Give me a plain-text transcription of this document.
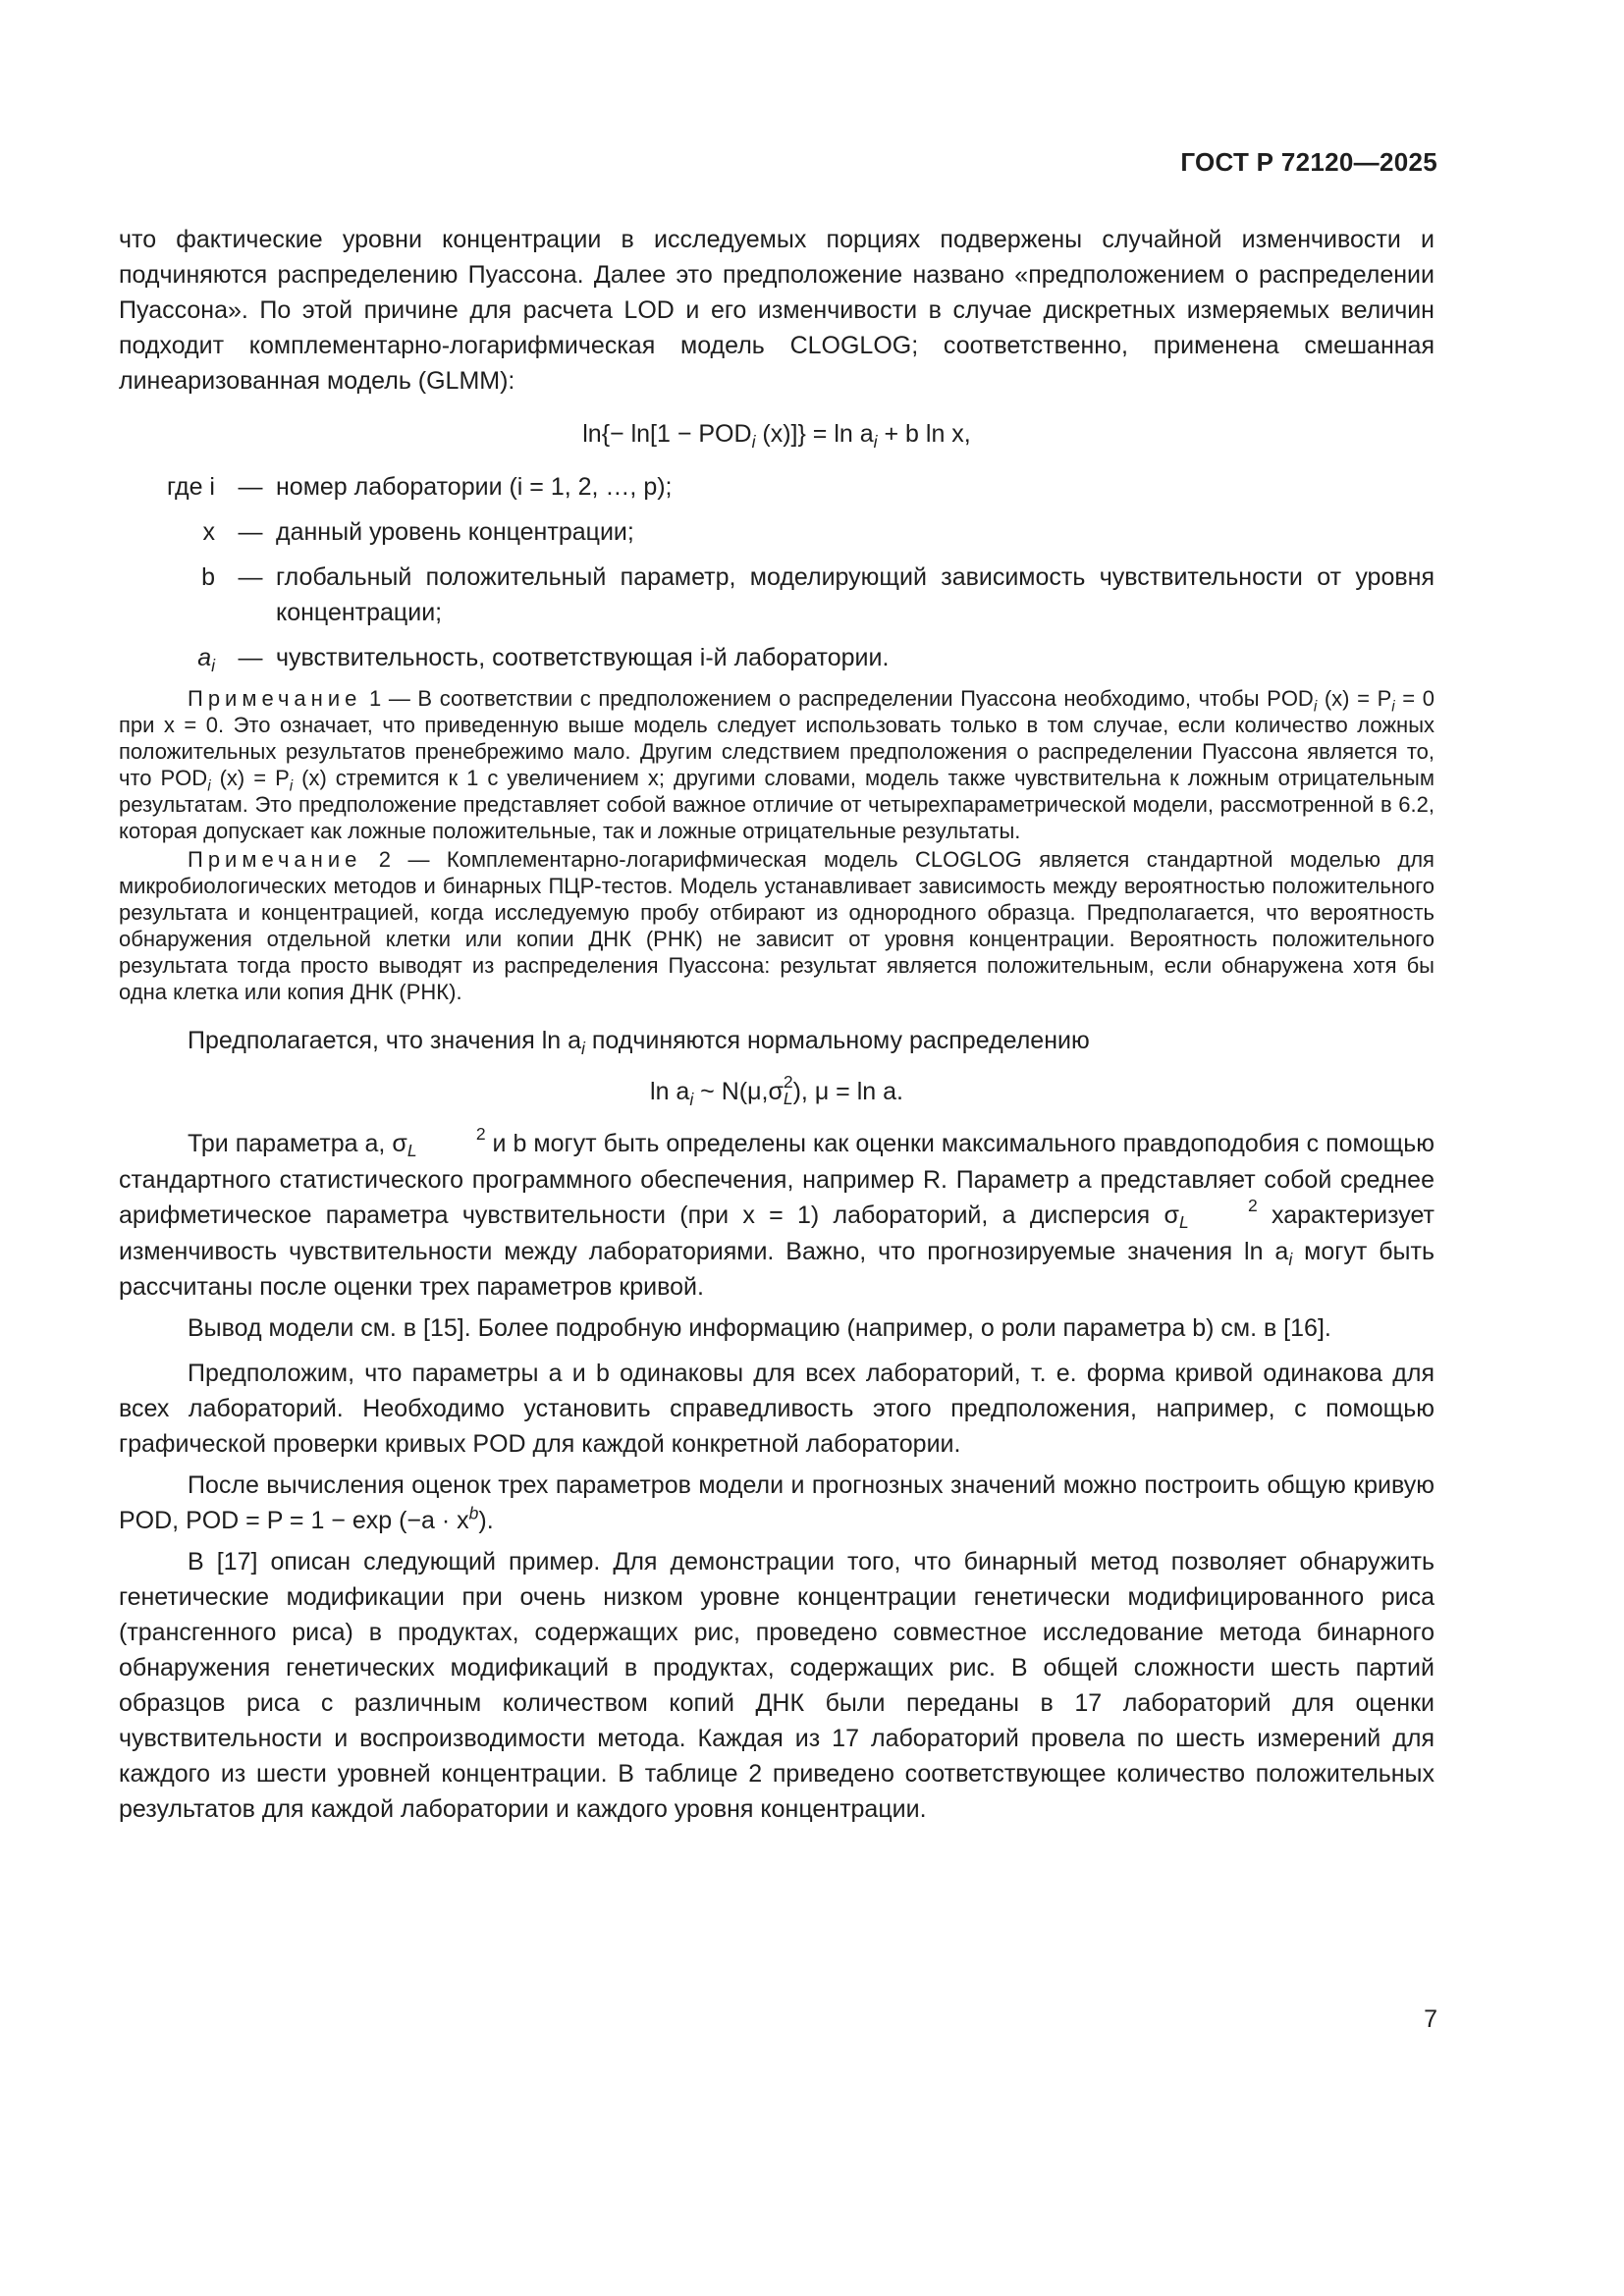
ГОСТ Р 72120—2025

что фактические уровни концентрации в исследуемых порциях подвержены случайной изменчивости и подчиняются распределению Пуассона. Далее это предположение названо «предположением о распределении Пуассона». По этой причине для расчета LOD и его изменчивости в случае дискретных измеряемых величин подходит комплементарно-логарифмическая модель CLOGLOG; соответственно, применена смешанная линеаризованная модель (GLMM):

$\ln\{- \ln[1 - POD_i$ $(x)]\} = \ln a_i + b$ ln x,
где i — номер лаборатории (i = 1, 2, …, p);
x — данный уровень концентрации;
b — глобальный положительный параметр, моделирующий зависимость чувствительности от уровня концентрации;
$a_i$ — чувствительность, соответствующая i-й лаборатории.

Примечание 1 — В соответствии с предположением о распределении Пуассона необходимо, чтобы $POD_i$ $(x) = P_i = 0$ при x = 0. Это означает, что приведенную выше модель следует использовать только в том случае, если количество ложных положительных результатов пренебрежимо мало. Другим следствием предположения о распределении Пуассона является то, что $POD_i$ $(x) = P_i$ (x) стремится к 1 с увеличением x; другими словами, модель также чувствительна к ложным отрицательным результатам. Это предположение представляет собой важное отличие от четырехпараметрической модели, рассмотренной в 6.2, которая допускает как ложные положительные, так и ложные отрицательные результаты.

Примечание 2 — Комплементарно-логарифмическая модель CLOGLOG является стандартной моделью для микробиологических методов и бинарных ПЦР-тестов. Модель устанавливает зависимость между вероятностью положительного результата и концентрацией, когда исследуемую пробу отбирают из однородного образца. Предполагается, что вероятность обнаружения отдельной клетки или копии ДНК (РНК) не зависит от уровня концентрации. Вероятность положительного результата тогда просто выводят из распределения Пуассона: результат является положительным, если обнаружена хотя бы одна клетка или копия ДНК (РНК).

Предполагается, что значения $\ln a_i$ подчиняются нормальному распределению

$\ln a_i$ ~ N(μ,σ 2
L), μ = ln a.

Три параметра a, σ	2
L	и b могут быть определены как оценки максимального правдоподобия с помощью стандартного статистического программного обеспечения, например R. Параметр a представляет собой среднее арифметическое параметра чувствительности (при x = 1) лабораторий, а дисперсия σ	2
L	характеризует изменчивость чувствительности между лабораториями. Важно, что прогнозируемые значения $\ln a_i$ могут быть рассчитаны после оценки трех параметров кривой.

Вывод модели см. в [15]. Более подробную информацию (например, о роли параметра b) см. в [16].

Предположим, что параметры a и b одинаковы для всех лабораторий, т. е. форма кривой одинакова для всех лабораторий. Необходимо установить справедливость этого предположения, например, с помощью графической проверки кривых POD для каждой конкретной лаборатории.

После вычисления оценок трех параметров модели и прогнозных значений можно построить общую кривую POD, POD = $P = 1 - \exp (-a \cdot x^b)$.

В [17] описан следующий пример. Для демонстрации того, что бинарный метод позволяет обнаружить генетические модификации при очень низком уровне концентрации генетически модифицированного риса (трансгенного риса) в продуктах, содержащих рис, проведено совместное исследование метода бинарного обнаружения генетических модификаций в продуктах, содержащих рис. В общей сложности шесть партий образцов риса с различным количеством копий ДНК были переданы в 17 лабораторий для оценки чувствительности и воспроизводимости метода. Каждая из 17 лабораторий провела по шесть измерений для каждого из шести уровней концентрации. В таблице 2 приведено соответствующее количество положительных результатов для каждой лаборатории и каждого уровня концентрации.

7
